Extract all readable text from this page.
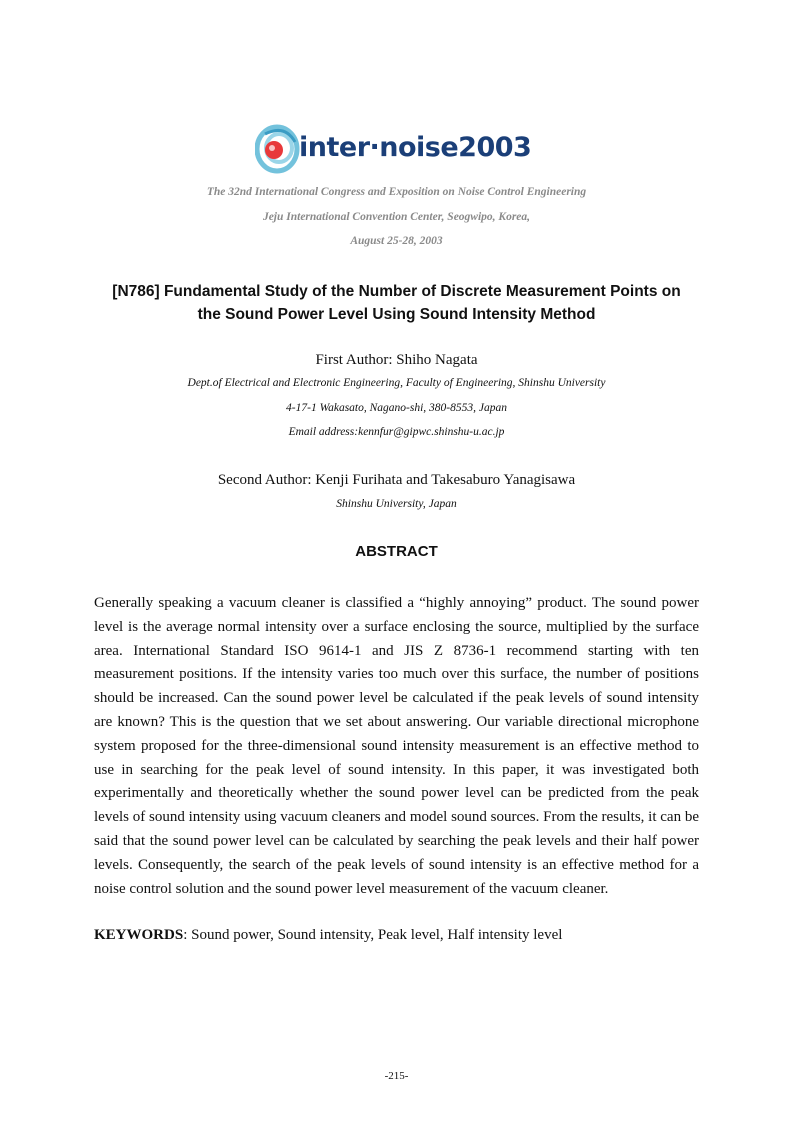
inter·noise2003
The 32nd International Congress and Exposition on Noise Control Engineering
Jeju International Convention Center, Seogwipo, Korea,
August 25-28, 2003
[N786] Fundamental Study of the Number of Discrete Measurement Points on
the Sound Power Level Using Sound Intensity Method
First Author: Shiho Nagata
Dept.of Electrical and Electronic Engineering, Faculty of Engineering, Shinshu University
4-17-1 Wakasato, Nagano-shi, 380-8553, Japan
Email address:kennfur@gipwc.shinshu-u.ac.jp
Second Author: Kenji Furihata and Takesaburo Yanagisawa
Shinshu University, Japan
ABSTRACT

Generally speaking a vacuum cleaner is classified a “highly annoying” product. The sound power level is the average normal intensity over a surface enclosing the source, multiplied by the surface area. International Standard ISO 9614-1 and JIS Z 8736-1 recommend starting with ten measurement positions. If the intensity varies too much over this surface, the number of positions should be increased. Can the sound power level be calculated if the peak levels of sound intensity are known? This is the question that we set about answering. Our variable directional microphone system proposed for the three-dimensional sound intensity measurement is an effective method to use in searching for the peak level of sound intensity. In this paper, it was investigated both experimentally and theoretically whether the sound power level can be predicted from the peak levels of sound intensity using vacuum cleaners and model sound sources. From the results, it can be said that the sound power level can be calculated by searching the peak levels and their half power levels. Consequently, the search of the peak levels of sound intensity is an effective method for a noise control solution and the sound power level measurement of the vacuum cleaner.

KEYWORDS: Sound power, Sound intensity, Peak level, Half intensity level
-215-
